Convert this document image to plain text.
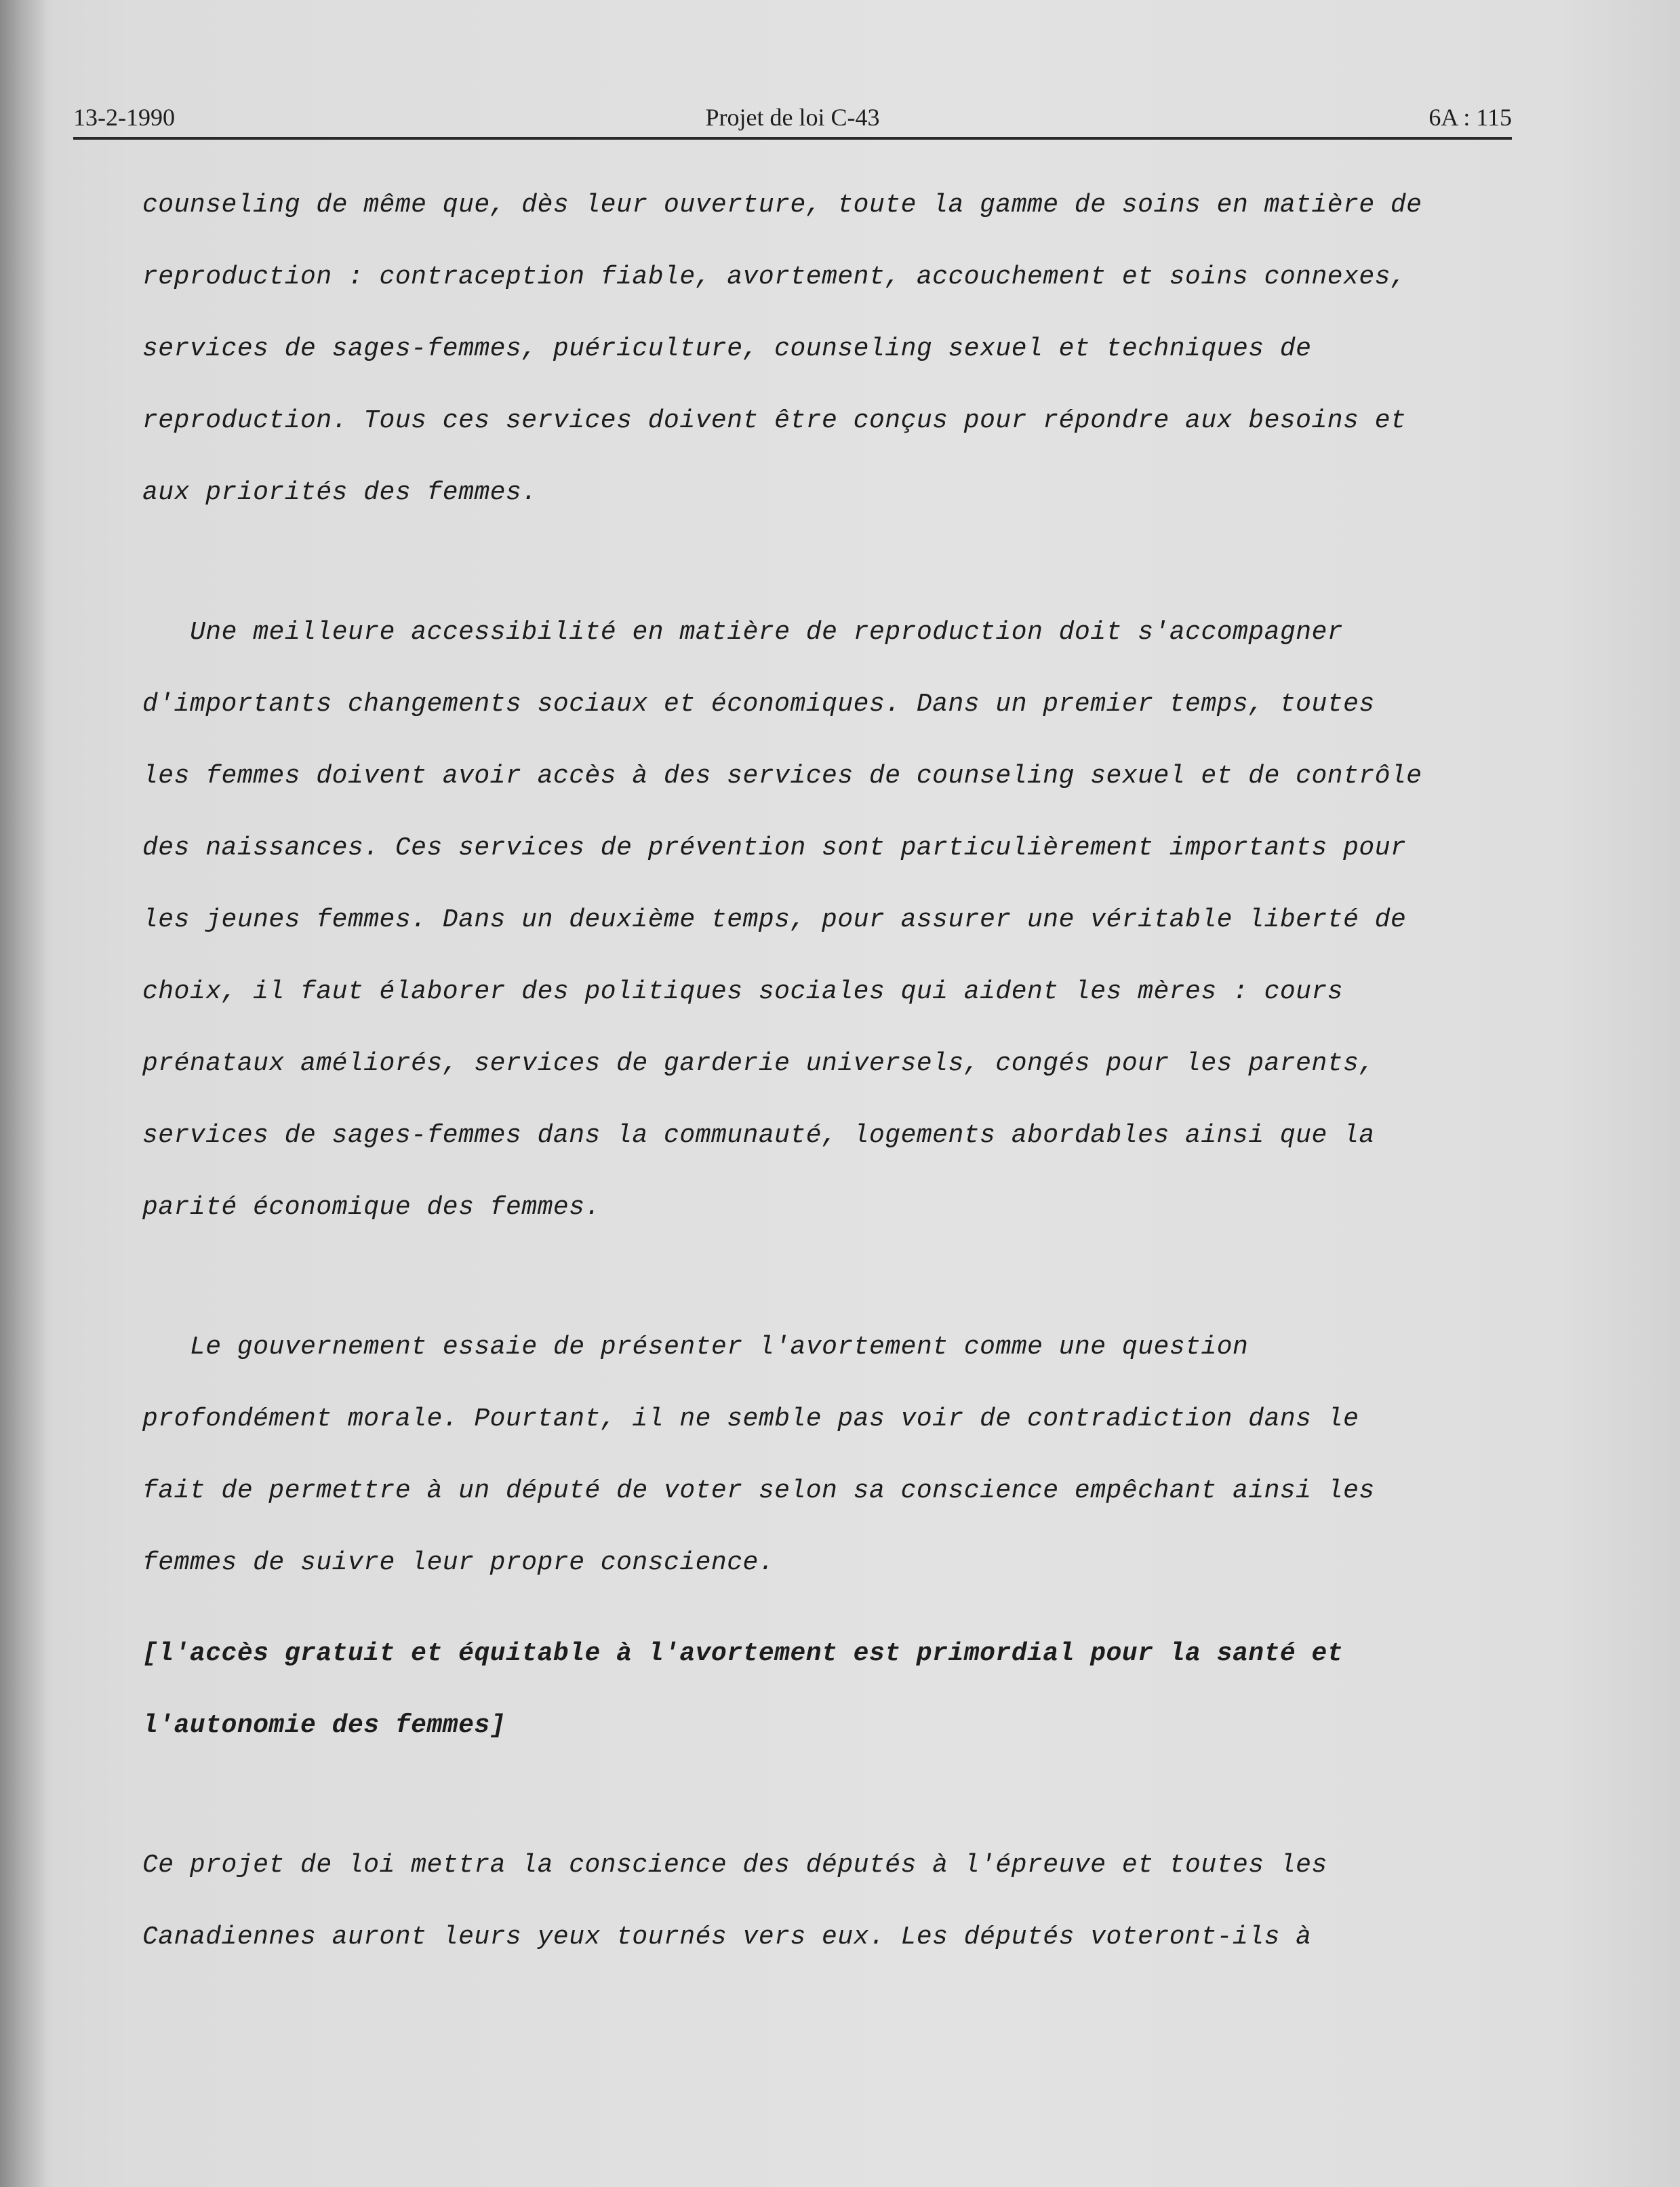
13-2-1990	Projet de loi C-43	6A : 115
counseling de même que, dès leur ouverture, toute la gamme de soins en matière de
reproduction : contraception fiable, avortement, accouchement et soins connexes,
services de sages-femmes, puériculture, counseling sexuel et techniques de
reproduction. Tous ces services doivent être conçus pour répondre aux besoins et
aux priorités des femmes.
Une meilleure accessibilité en matière de reproduction doit s'accompagner
d'importants changements sociaux et économiques. Dans un premier temps, toutes
les femmes doivent avoir accès à des services de counseling sexuel et de contrôle
des naissances. Ces services de prévention sont particulièrement importants pour
les jeunes femmes. Dans un deuxième temps, pour assurer une véritable liberté de
choix, il faut élaborer des politiques sociales qui aident les mères : cours
prénataux améliorés, services de garderie universels, congés pour les parents,
services de sages-femmes dans la communauté, logements abordables ainsi que la
parité économique des femmes.
Le gouvernement essaie de présenter l'avortement comme une question
profondément morale. Pourtant, il ne semble pas voir de contradiction dans le
fait de permettre à un député de voter selon sa conscience empêchant ainsi les
femmes de suivre leur propre conscience.
[l'accès gratuit et équitable à l'avortement est primordial pour la santé et
l'autonomie des femmes]
Ce projet de loi mettra la conscience des députés à l'épreuve et toutes les
Canadiennes auront leurs yeux tournés vers eux. Les députés voteront-ils à
